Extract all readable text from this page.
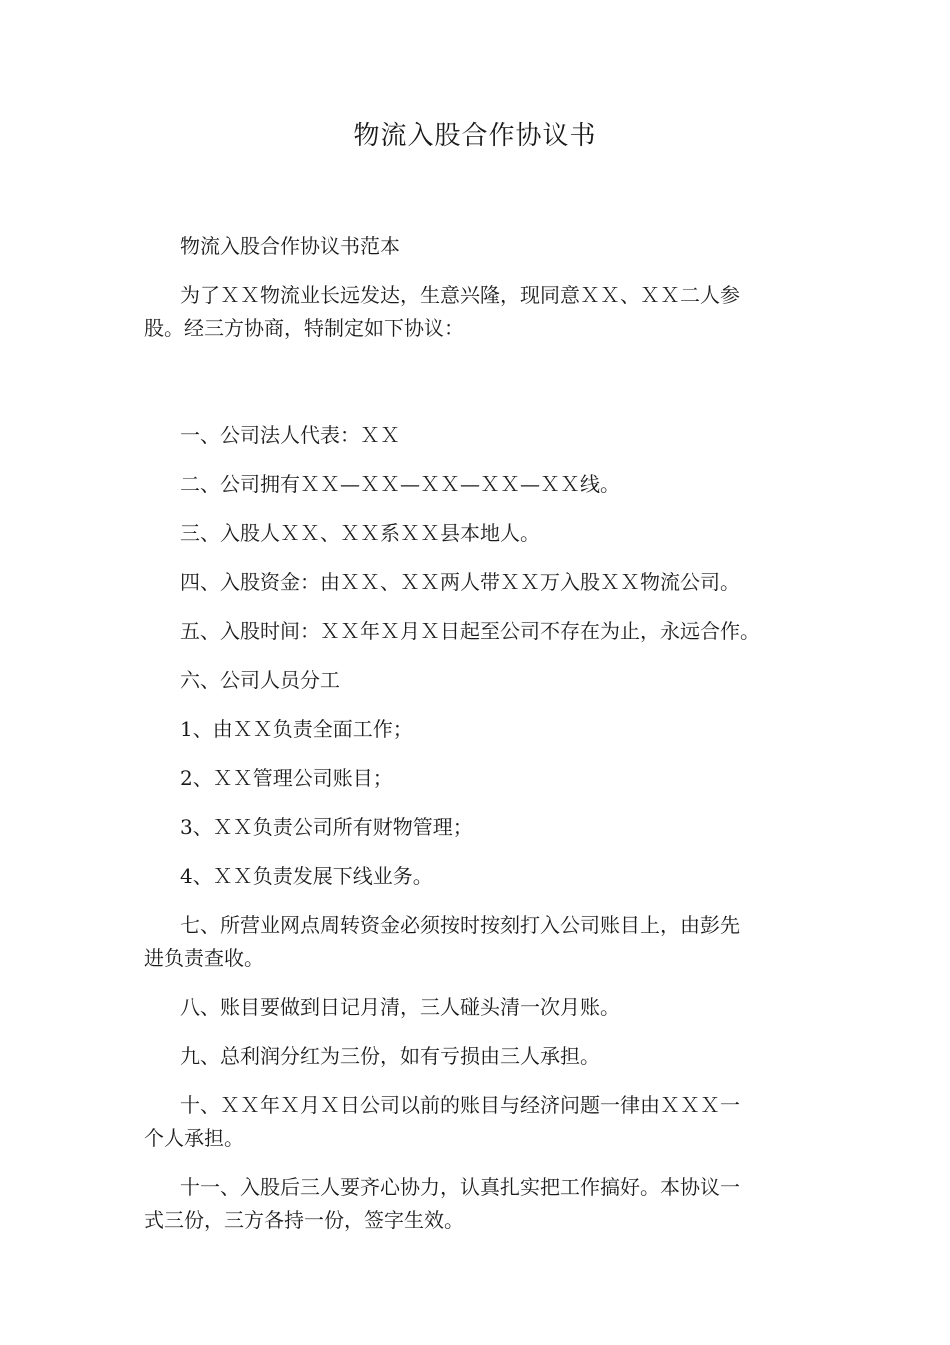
物流入股合作协议书

物流入股合作协议书范本

为了ＸＸ物流业长远发达，生意兴隆，现同意ＸＸ、ＸＸ二人参
股。经三方协商，特制定如下协议：

一、公司法人代表：ＸＸ

二、公司拥有ＸＸ—ＸＸ—ＸＸ—ＸＸ—ＸＸ线。

三、入股人ＸＸ、ＸＸ系ＸＸ县本地人。

四、入股资金：由ＸＸ、ＸＸ两人带ＸＸ万入股ＸＸ物流公司。

五、入股时间：ＸＸ年Ｘ月Ｘ日起至公司不存在为止，永远合作。

六、公司人员分工

1、由ＸＸ负责全面工作；

2、ＸＸ管理公司账目；

3、ＸＸ负责公司所有财物管理；

4、ＸＸ负责发展下线业务。

七、所营业网点周转资金必须按时按刻打入公司账目上，由彭先
进负责查收。

八、账目要做到日记月清，三人碰头清一次月账。

九、总利润分红为三份，如有亏损由三人承担。

十、ＸＸ年Ｘ月Ｘ日公司以前的账目与经济问题一律由ＸＸＸ一
个人承担。

十一、入股后三人要齐心协力，认真扎实把工作搞好。本协议一
式三份，三方各持一份，签字生效。
